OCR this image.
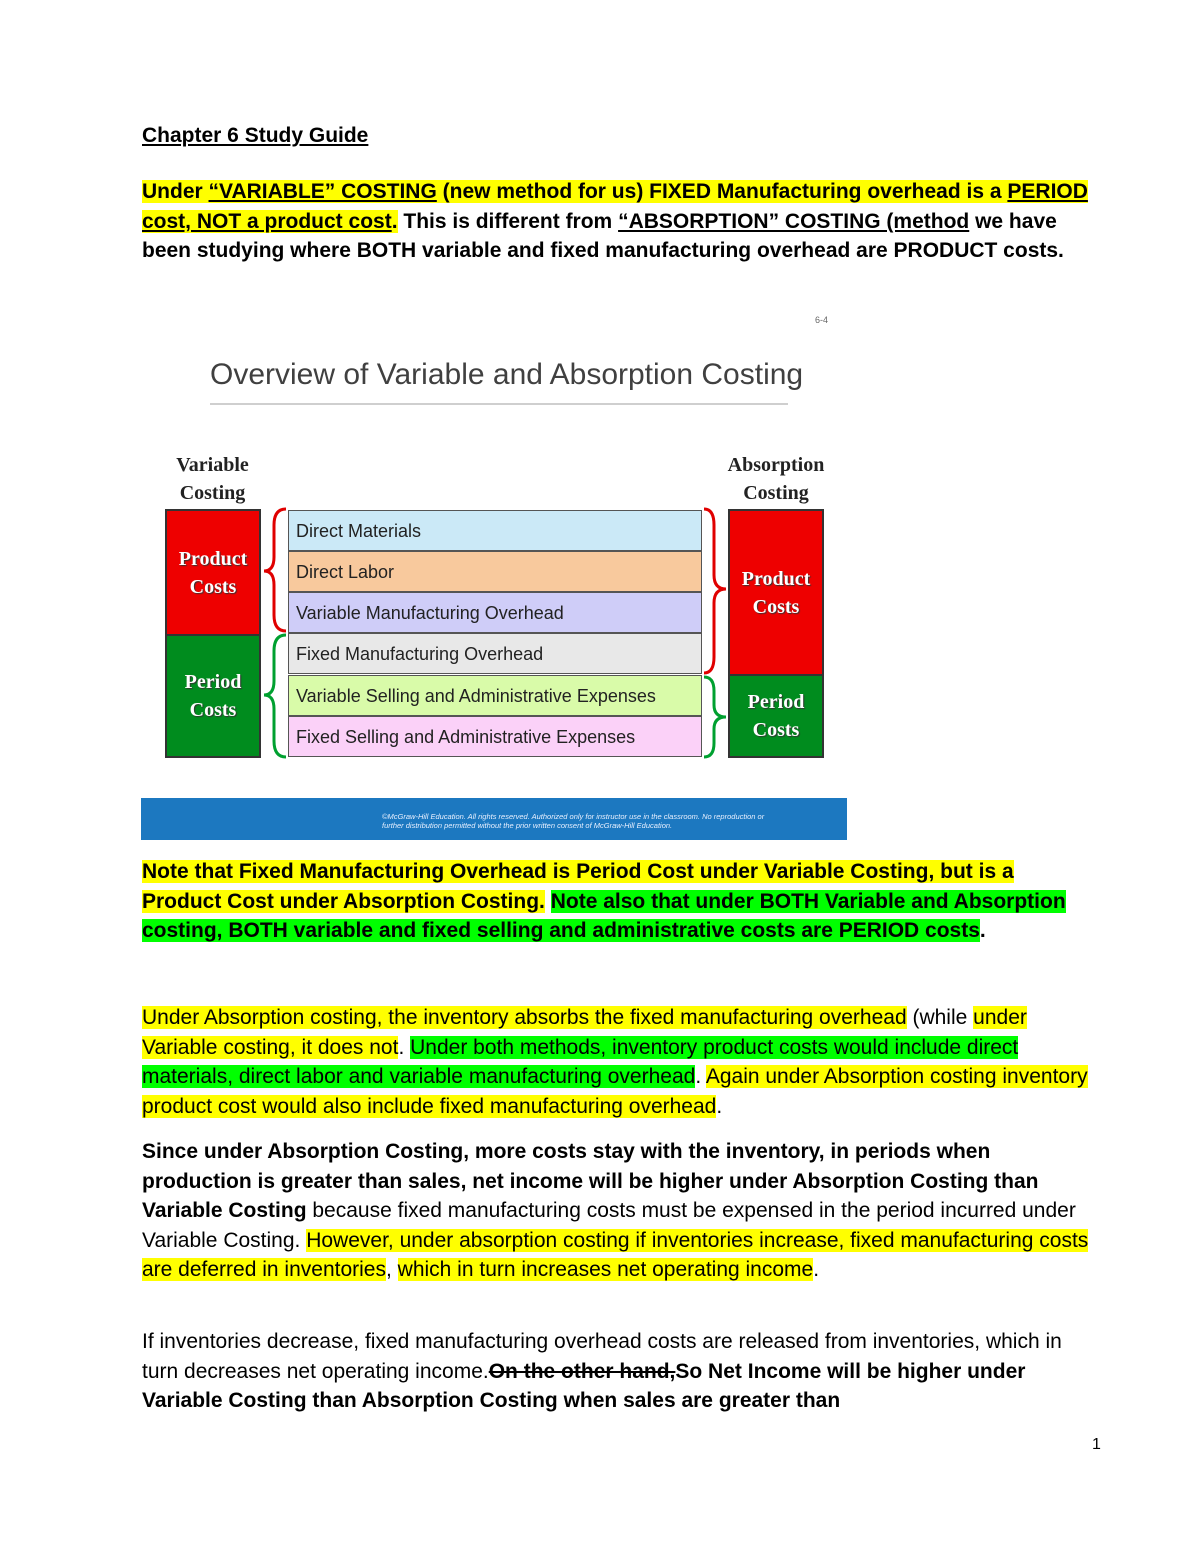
Chapter 6 Study Guide
Under “VARIABLE” COSTING (new method for us) FIXED Manufacturing overhead is a PERIOD cost, NOT a product cost. This is different from “ABSORPTION” COSTING (method we have been studying where BOTH variable and fixed manufacturing overhead are PRODUCT costs.
6-4
Overview of Variable and Absorption Costing
Variable
Costing
Absorption
Costing
Product
Costs
Period
Costs
Product
Costs
Period
Costs
Direct Materials
Direct Labor
Variable Manufacturing Overhead
Fixed Manufacturing Overhead
Variable Selling and Administrative Expenses
Fixed Selling and Administrative Expenses
©McGraw-Hill Education. All rights reserved. Authorized only for instructor use in the classroom. No reproduction or
further distribution permitted without the prior written consent of McGraw-Hill Education.
Note that Fixed Manufacturing Overhead is Period Cost under Variable Costing, but is a Product Cost under Absorption Costing. Note also that under BOTH Variable and Absorption costing, BOTH variable and fixed selling and administrative costs are PERIOD costs.
Under Absorption costing, the inventory absorbs the fixed manufacturing overhead (while under Variable costing, it does not. Under both methods, inventory product costs would include direct materials, direct labor and variable manufacturing overhead. Again under Absorption costing inventory product cost would also include fixed manufacturing overhead.
Since under Absorption Costing, more costs stay with the inventory, in periods when production is greater than sales, net income will be higher under Absorption Costing than Variable Costing because fixed manufacturing costs must be expensed in the period incurred under Variable Costing. However, under absorption costing if inventories increase, fixed manufacturing costs are deferred in inventories, which in turn increases net operating income.
If inventories decrease, fixed manufacturing overhead costs are released from inventories, which in turn decreases net operating income.On the other hand,So Net Income will be higher under Variable Costing than Absorption Costing when sales are greater than
1
